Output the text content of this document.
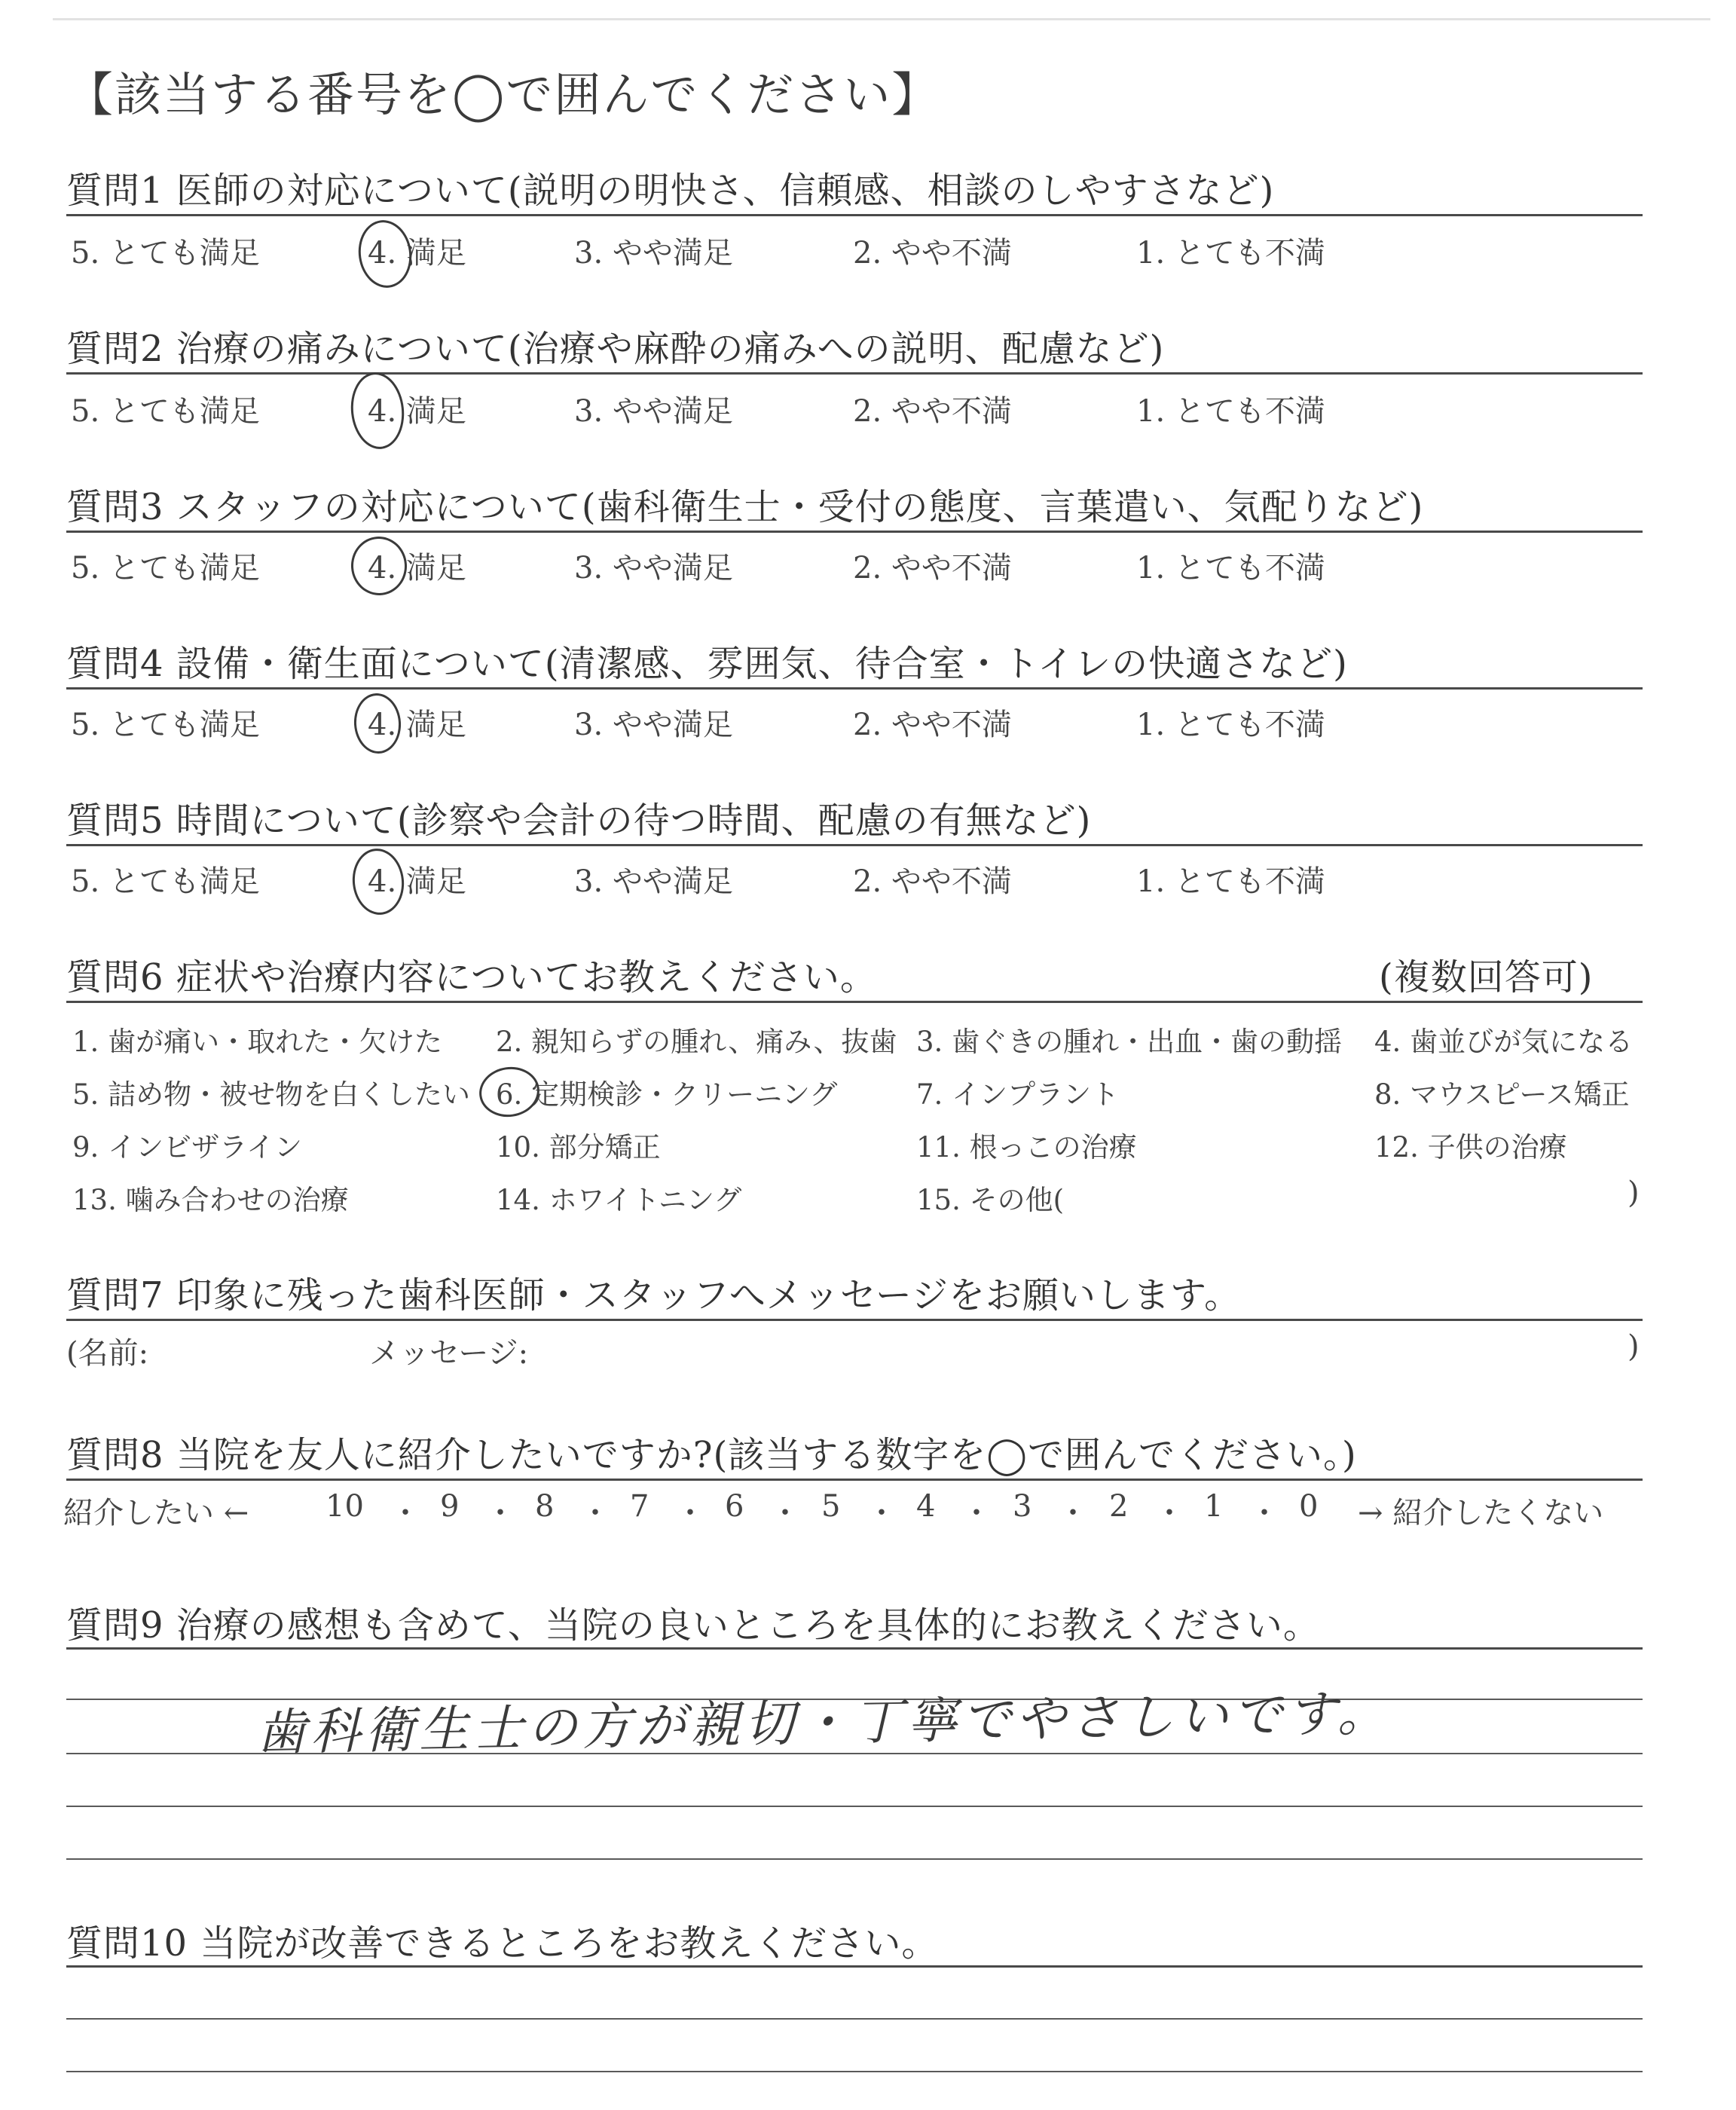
【該当する番号を◯で囲んでください】
質問1 医師の対応について(説明の明快さ、信頼感、相談のしやすさなど)
5. とても満足	4. 満足	3. やや満足	2. やや不満	1. とても不満
質問2 治療の痛みについて(治療や麻酔の痛みへの説明、配慮など)
5. とても満足	4. 満足	3. やや満足	2. やや不満	1. とても不満
質問3 スタッフの対応について(歯科衛生士・受付の態度、言葉遣い、気配りなど)
5. とても満足	4. 満足	3. やや満足	2. やや不満	1. とても不満
質問4 設備・衛生面について(清潔感、雰囲気、待合室・トイレの快適さなど)
5. とても満足	4. 満足	3. やや満足	2. やや不満	1. とても不満
質問5 時間について(診察や会計の待つ時間、配慮の有無など)
5. とても満足	4. 満足	3. やや満足	2. やや不満	1. とても不満
質問6 症状や治療内容についてお教えください。	(複数回答可)
1. 歯が痛い・取れた・欠けた 2. 親知らずの腫れ、痛み、抜歯 3. 歯ぐきの腫れ・出血・歯の動揺 4. 歯並びが気になる
5. 詰め物・被せ物を白くしたい 6. 定期検診・クリーニング	7. インプラント	8. マウスピース矯正
9. インビザライン	10. 部分矯正	11. 根っこの治療	12. 子供の治療
13. 噛み合わせの治療	14. ホワイトニング	15. その他(	)
質問7 印象に残った歯科医師・スタッフへメッセージをお願いします。
(名前:	メッセージ:	)
質問8 当院を友人に紹介したいですか?(該当する数字を◯で囲んでください。)
紹介したい ←	10 ・ 9 ・ 8 ・ 7 ・ 6 ・ 5 ・ 4 ・ 3 ・ 2 ・ 1 ・ 0 → 紹介したくない
質問9 治療の感想も含めて、当院の良いところを具体的にお教えください。
歯科衛生士の方が親切・丁寧でやさしいです。
質問10 当院が改善できるところをお教えください。
